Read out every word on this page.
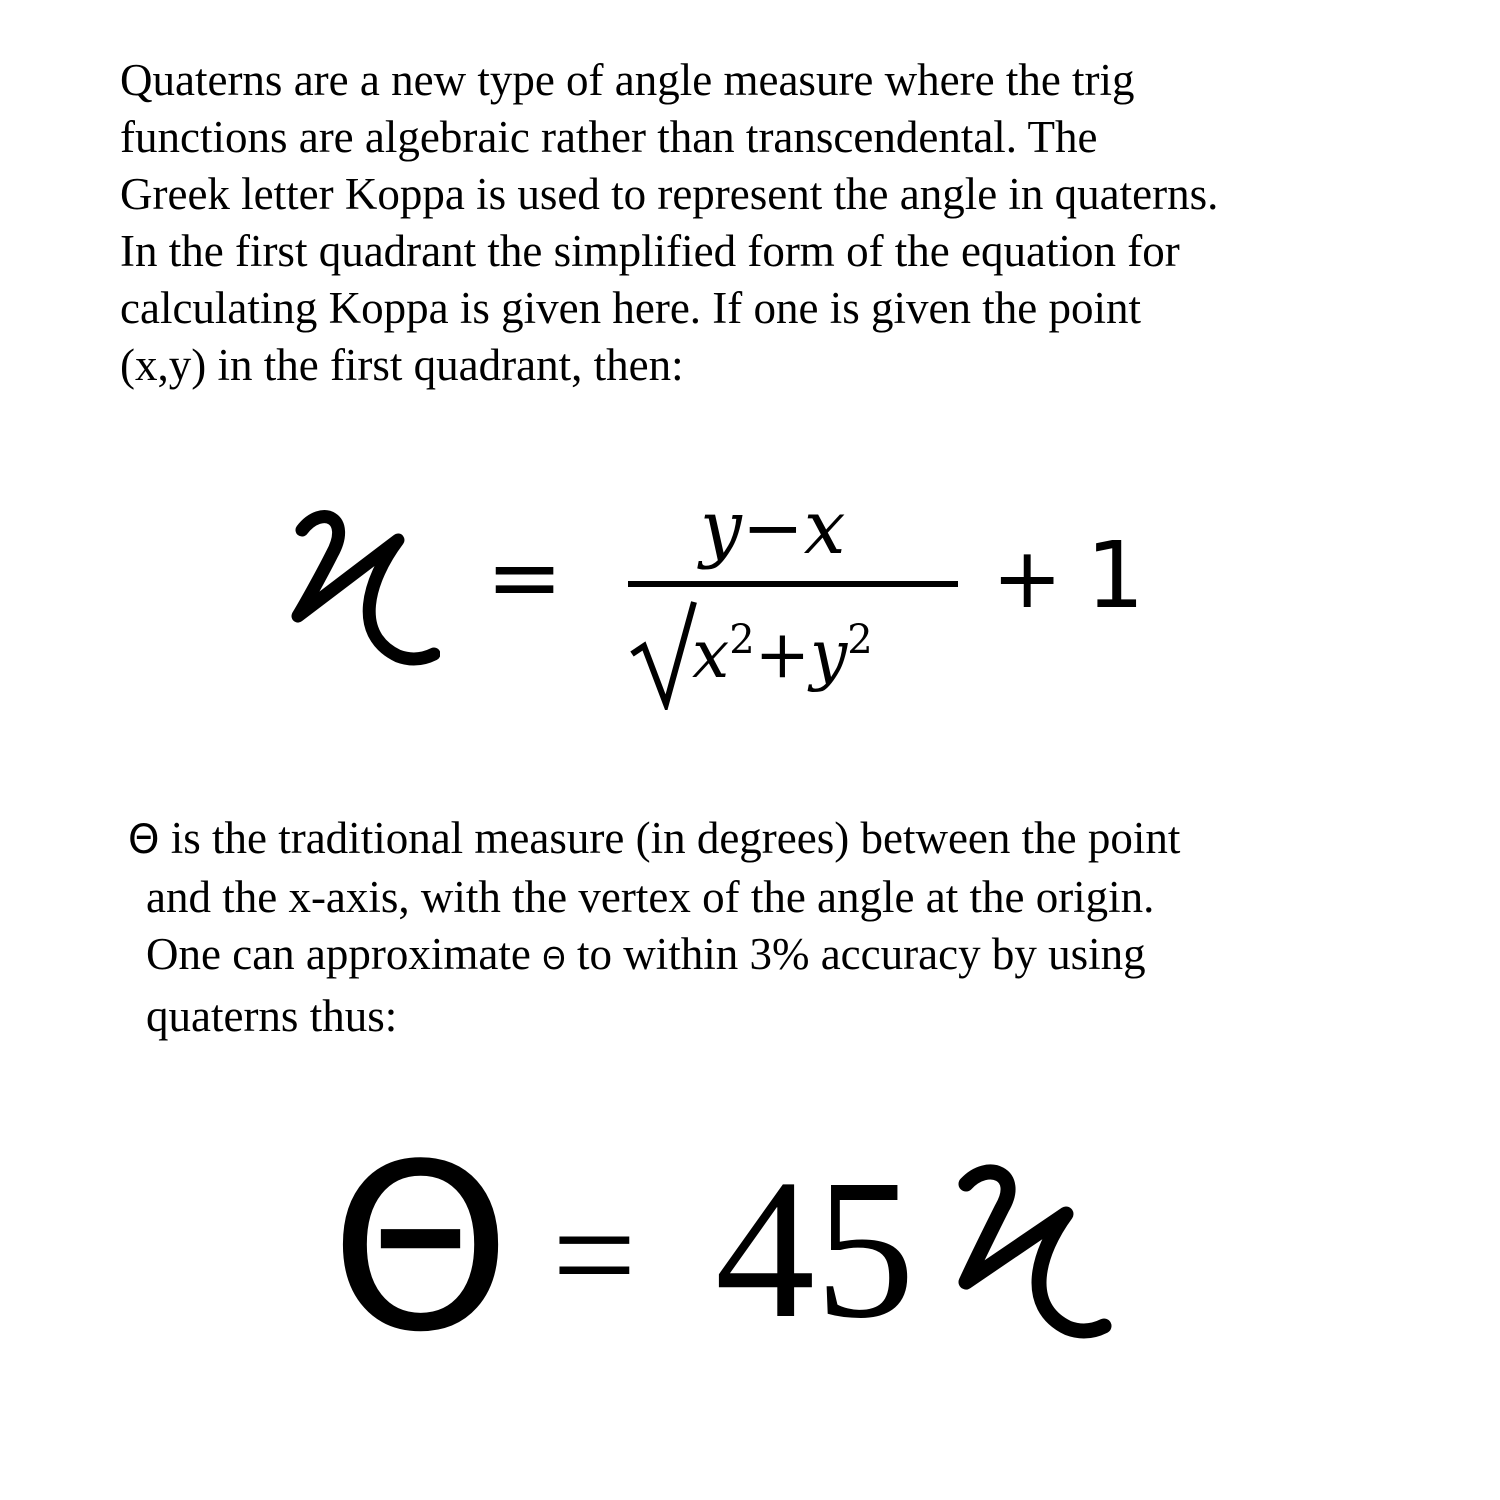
Quaterns are a new type of angle measure where the trig
functions are algebraic rather than transcendental. The
Greek letter Koppa is used to represent the angle in quaterns.
In the first quadrant the simplified form of the equation for
calculating Koppa is given here. If one is given the point
(x,y) in the first quadrant, then:

= y−x
$x^2+y^2$
+ 1

Θ is the traditional measure (in degrees) between the point
and the x-axis, with the vertex of the angle at the origin.
One can approximate Θ to within 3% accuracy by using
quaterns thus:

Θ = 45
